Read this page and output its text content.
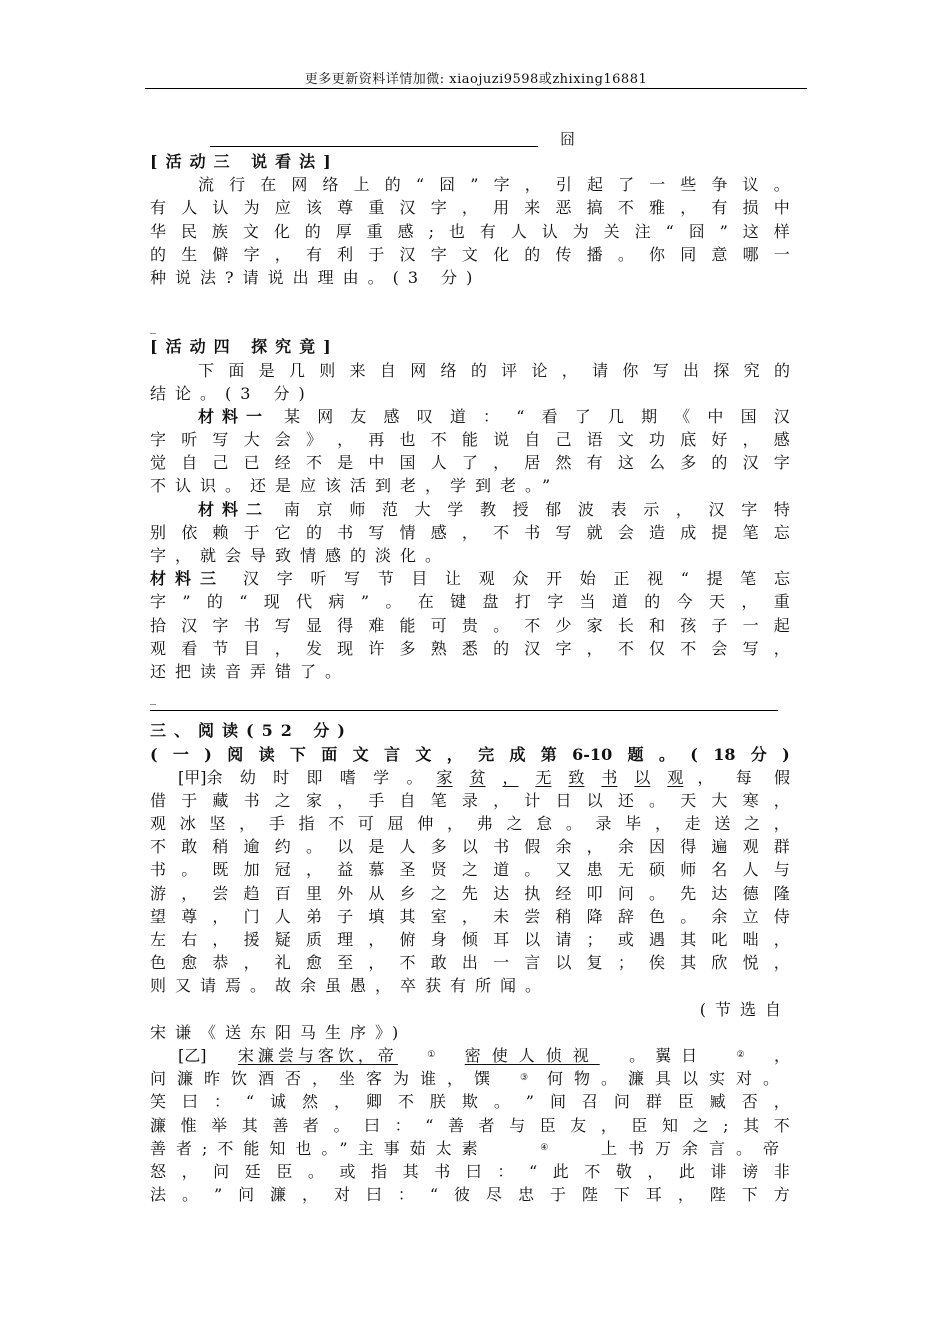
更多更新资料详情加微: xiaojuzi9598或zhixing16881
囧
[活动三 说看法]
流 行 在 网 络 上 的 “ 囧 ” 字 ， 引 起 了 一 些 争 议 。
有 人 认 为 应 该 尊 重 汉 字 ， 用 来 恶 搞 不 雅 ， 有 损 中
华 民 族 文 化 的 厚 重 感 ; 也 有 人 认 为 关 注 “ 囧 ” 这 样
的 生 僻 字 ， 有 利 于 汉 字 文 化 的 传 播 。 你 同 意 哪 一
种说法?请说出理由。(3 分)
_
[活动四 探究竟]
下 面 是 几 则 来 自 网 络 的 评 论 ， 请 你 写 出 探 究 的
结论。(3 分)
材料一 某 网 友 感 叹 道 ： “ 看 了 几 期 《 中 国 汉
字 听 写 大 会 》 ， 再 也 不 能 说 自 己 语 文 功 底 好 ， 感
觉 自 己 已 经 不 是 中 国 人 了 ， 居 然 有 这 么 多 的 汉 字
不认识。还是应该活到老，学到老。”
材料二 南 京 师 范 大 学 教 授 郁 波 表 示 ， 汉 字 特
别 依 赖 于 它 的 书 写 情 感 ， 不 书 写 就 会 造 成 提 笔 忘
字，就会导致情感的淡化。
材料三 汉 字 听 写 节 目 让 观 众 开 始 正 视 “ 提 笔 忘
字 ” 的 “ 现 代 病 ” 。 在 键 盘 打 字 当 道 的 今 天 ， 重
拾 汉 字 书 写 显 得 难 能 可 贵 。 不 少 家 长 和 孩 子 一 起
观 看 节 目 ， 发 现 许 多 熟 悉 的 汉 字 ， 不 仅 不 会 写 ，
还把读音弄错了。
_
三、阅读(52 分)
( 一 ) 阅 读 下 面 文 言 文 ， 完 成 第 6-10 题 。 ( 18 分 )
[甲] 余 幼 时 即 嗜 学 。 家 贫 ， 无 致 书 以 观 ， 每 假
借 于 藏 书 之 家 ， 手 自 笔 录 ， 计 日 以 还 。 天 大 寒 ，
观 冰 坚 ， 手 指 不 可 屈 伸 ， 弗 之 怠 。 录 毕 ， 走 送 之 ，
不 敢 稍 逾 约 。 以 是 人 多 以 书 假 余 ， 余 因 得 遍 观 群
书 。 既 加 冠 ， 益 慕 圣 贤 之 道 。 又 患 无 硕 师 名 人 与
游 ， 尝 趋 百 里 外 从 乡 之 先 达 执 经 叩 问 。 先 达 德 隆
望 尊 ， 门 人 弟 子 填 其 室 ， 未 尝 稍 降 辞 色 。 余 立 侍
左 右 ， 援 疑 质 理 ， 俯 身 倾 耳 以 请 ； 或 遇 其 叱 咄 ，
色 愈 恭 ， 礼 愈 至 ， 不 敢 出 一 言 以 复 ； 俟 其 欣 悦 ，
则又请焉。故余虽愚，卒获有所闻。
(节选自
宋谦《送东阳马生序》)
[乙] 宋濂尝与客饮，帝	① 密使人侦视 。翼日	② ，
问濂昨饮酒否，坐客为谁，馔 ③ 何物。濂具以实对。
笑 曰 ： “ 诚 然 ， 卿 不 朕 欺 。 ” 间 召 问 群 臣 臧 否 ，
濂 惟 举 其 善 者 。 曰 ： “ 善 者 与 臣 友 ， 臣 知 之 ; 其 不
善者;不能知也。”主事茹太素	④	上书万余言。帝
怒 ， 问 廷 臣 。 或 指 其 书 曰 ： “ 此 不 敬 ， 此 诽 谤 非
法 。 ” 问 濂 ， 对 曰 ： “ 彼 尽 忠 于 陛 下 耳 ， 陛 下 方
